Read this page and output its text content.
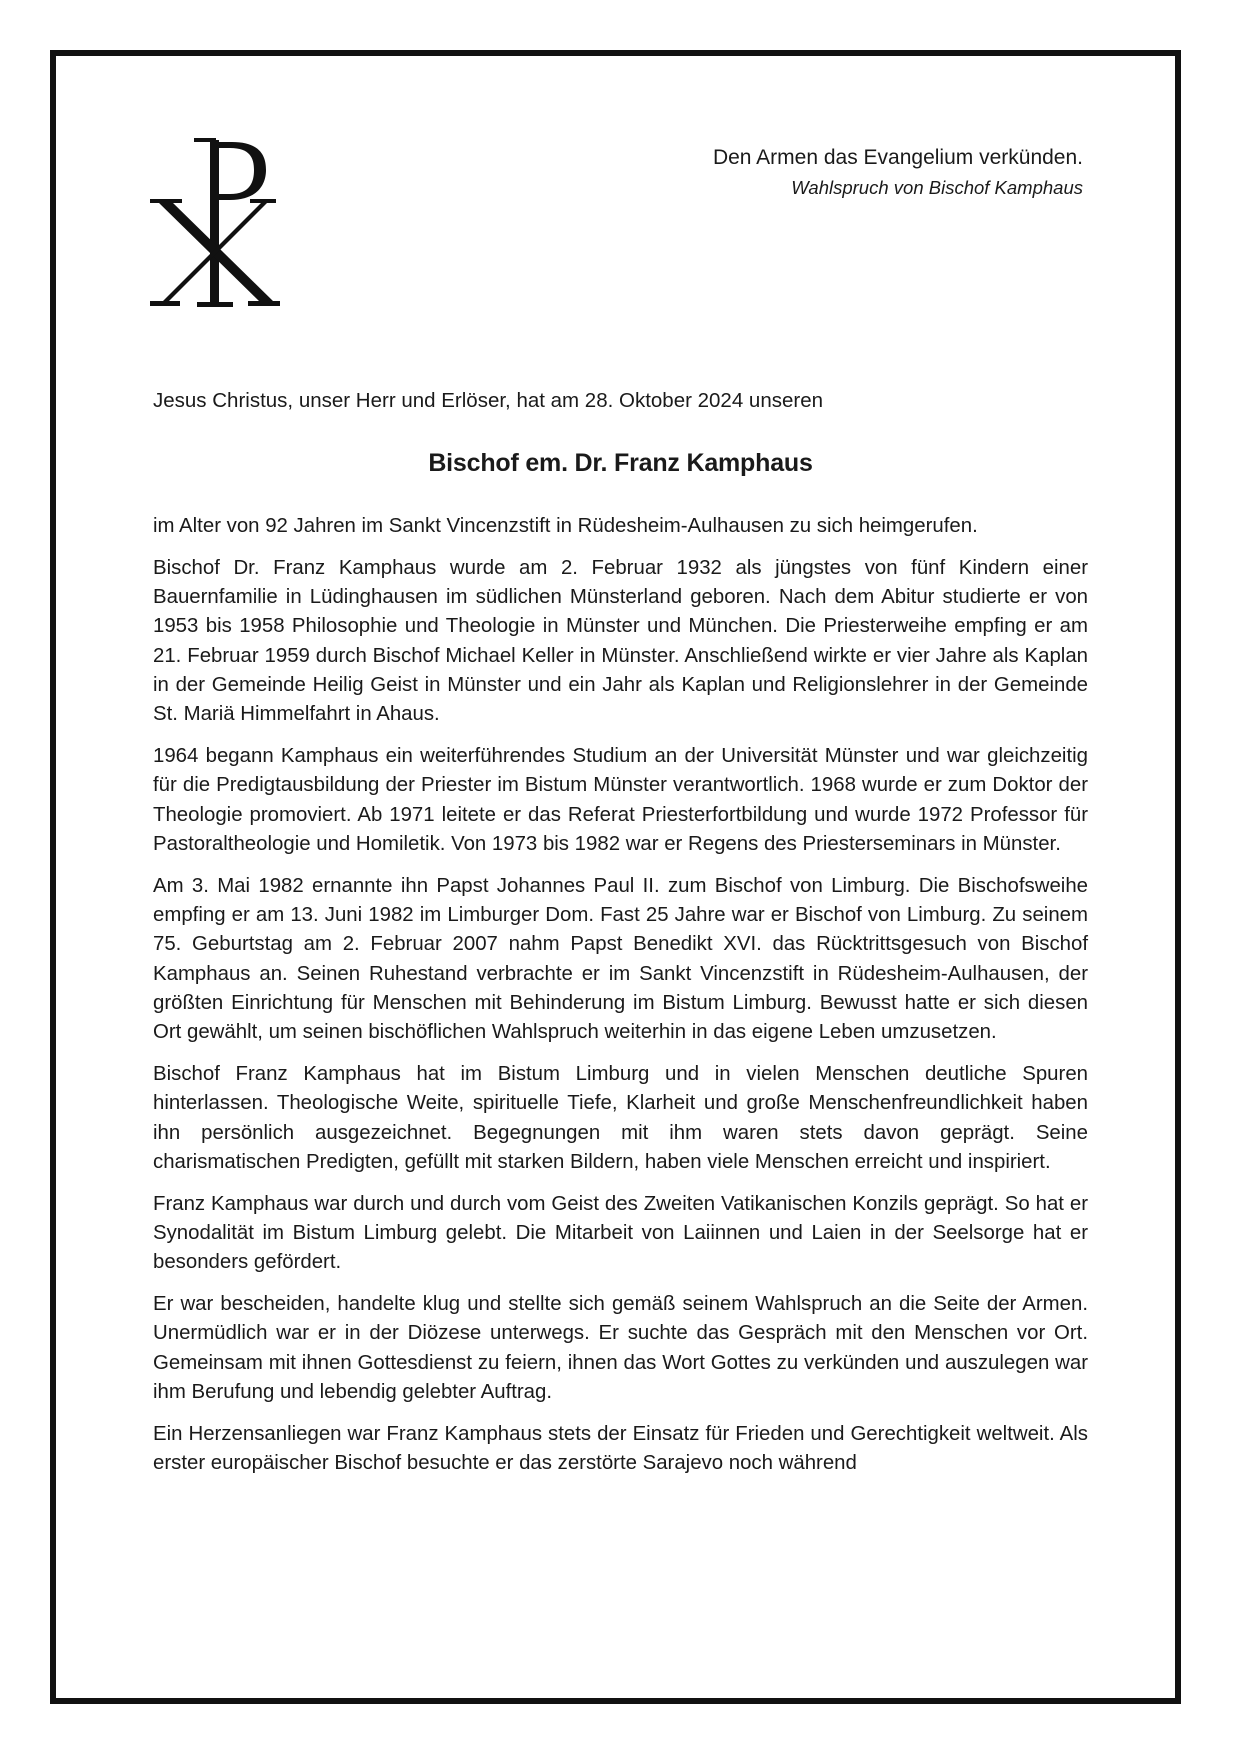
Den Armen das Evangelium verkünden.
Wahlspruch von Bischof Kamphaus
Jesus Christus, unser Herr und Erlöser, hat am 28. Oktober 2024 unseren
Bischof em. Dr. Franz Kamphaus

im Alter von 92 Jahren im Sankt Vincenzstift in Rüdesheim-Aulhausen zu sich heimgerufen.

Bischof Dr. Franz Kamphaus wurde am 2. Februar 1932 als jüngstes von fünf Kindern einer Bauernfamilie in Lüdinghausen im südlichen Münsterland geboren. Nach dem Abitur studierte er von 1953 bis 1958 Philosophie und Theologie in Münster und München. Die Priesterweihe empfing er am 21. Februar 1959 durch Bischof Michael Keller in Münster. Anschließend wirkte er vier Jahre als Kaplan in der Gemeinde Heilig Geist in Münster und ein Jahr als Kaplan und Religionslehrer in der Gemeinde St. Mariä Himmelfahrt in Ahaus.

1964 begann Kamphaus ein weiterführendes Studium an der Universität Münster und war gleichzeitig für die Predigtausbildung der Priester im Bistum Münster verantwortlich. 1968 wurde er zum Doktor der Theologie promoviert. Ab 1971 leitete er das Referat Priesterfortbildung und wurde 1972 Professor für Pastoraltheologie und Homiletik. Von 1973 bis 1982 war er Regens des Priesterseminars in Münster.

Am 3. Mai 1982 ernannte ihn Papst Johannes Paul II. zum Bischof von Limburg. Die Bischofsweihe empfing er am 13. Juni 1982 im Limburger Dom. Fast 25 Jahre war er Bischof von Limburg. Zu seinem 75. Geburtstag am 2. Februar 2007 nahm Papst Benedikt XVI. das Rücktrittsgesuch von Bischof Kamphaus an. Seinen Ruhestand verbrachte er im Sankt Vincenzstift in Rüdesheim-Aulhausen, der größten Einrichtung für Menschen mit Behinderung im Bistum Limburg. Bewusst hatte er sich diesen Ort gewählt, um seinen bischöflichen Wahlspruch weiterhin in das eigene Leben umzusetzen.

Bischof Franz Kamphaus hat im Bistum Limburg und in vielen Menschen deutliche Spuren hinterlassen. Theologische Weite, spirituelle Tiefe, Klarheit und große Menschenfreundlichkeit haben ihn persönlich ausgezeichnet. Begegnungen mit ihm waren stets davon geprägt. Seine charismatischen Predigten, gefüllt mit starken Bildern, haben viele Menschen erreicht und inspiriert.

Franz Kamphaus war durch und durch vom Geist des Zweiten Vatikanischen Konzils geprägt. So hat er Synodalität im Bistum Limburg gelebt. Die Mitarbeit von Laiinnen und Laien in der Seelsorge hat er besonders gefördert.

Er war bescheiden, handelte klug und stellte sich gemäß seinem Wahlspruch an die Seite der Armen. Unermüdlich war er in der Diözese unterwegs. Er suchte das Gespräch mit den Menschen vor Ort. Gemeinsam mit ihnen Gottesdienst zu feiern, ihnen das Wort Gottes zu verkünden und auszulegen war ihm Berufung und lebendig gelebter Auftrag.

Ein Herzensanliegen war Franz Kamphaus stets der Einsatz für Frieden und Gerechtigkeit weltweit. Als erster europäischer Bischof besuchte er das zerstörte Sarajevo noch während
